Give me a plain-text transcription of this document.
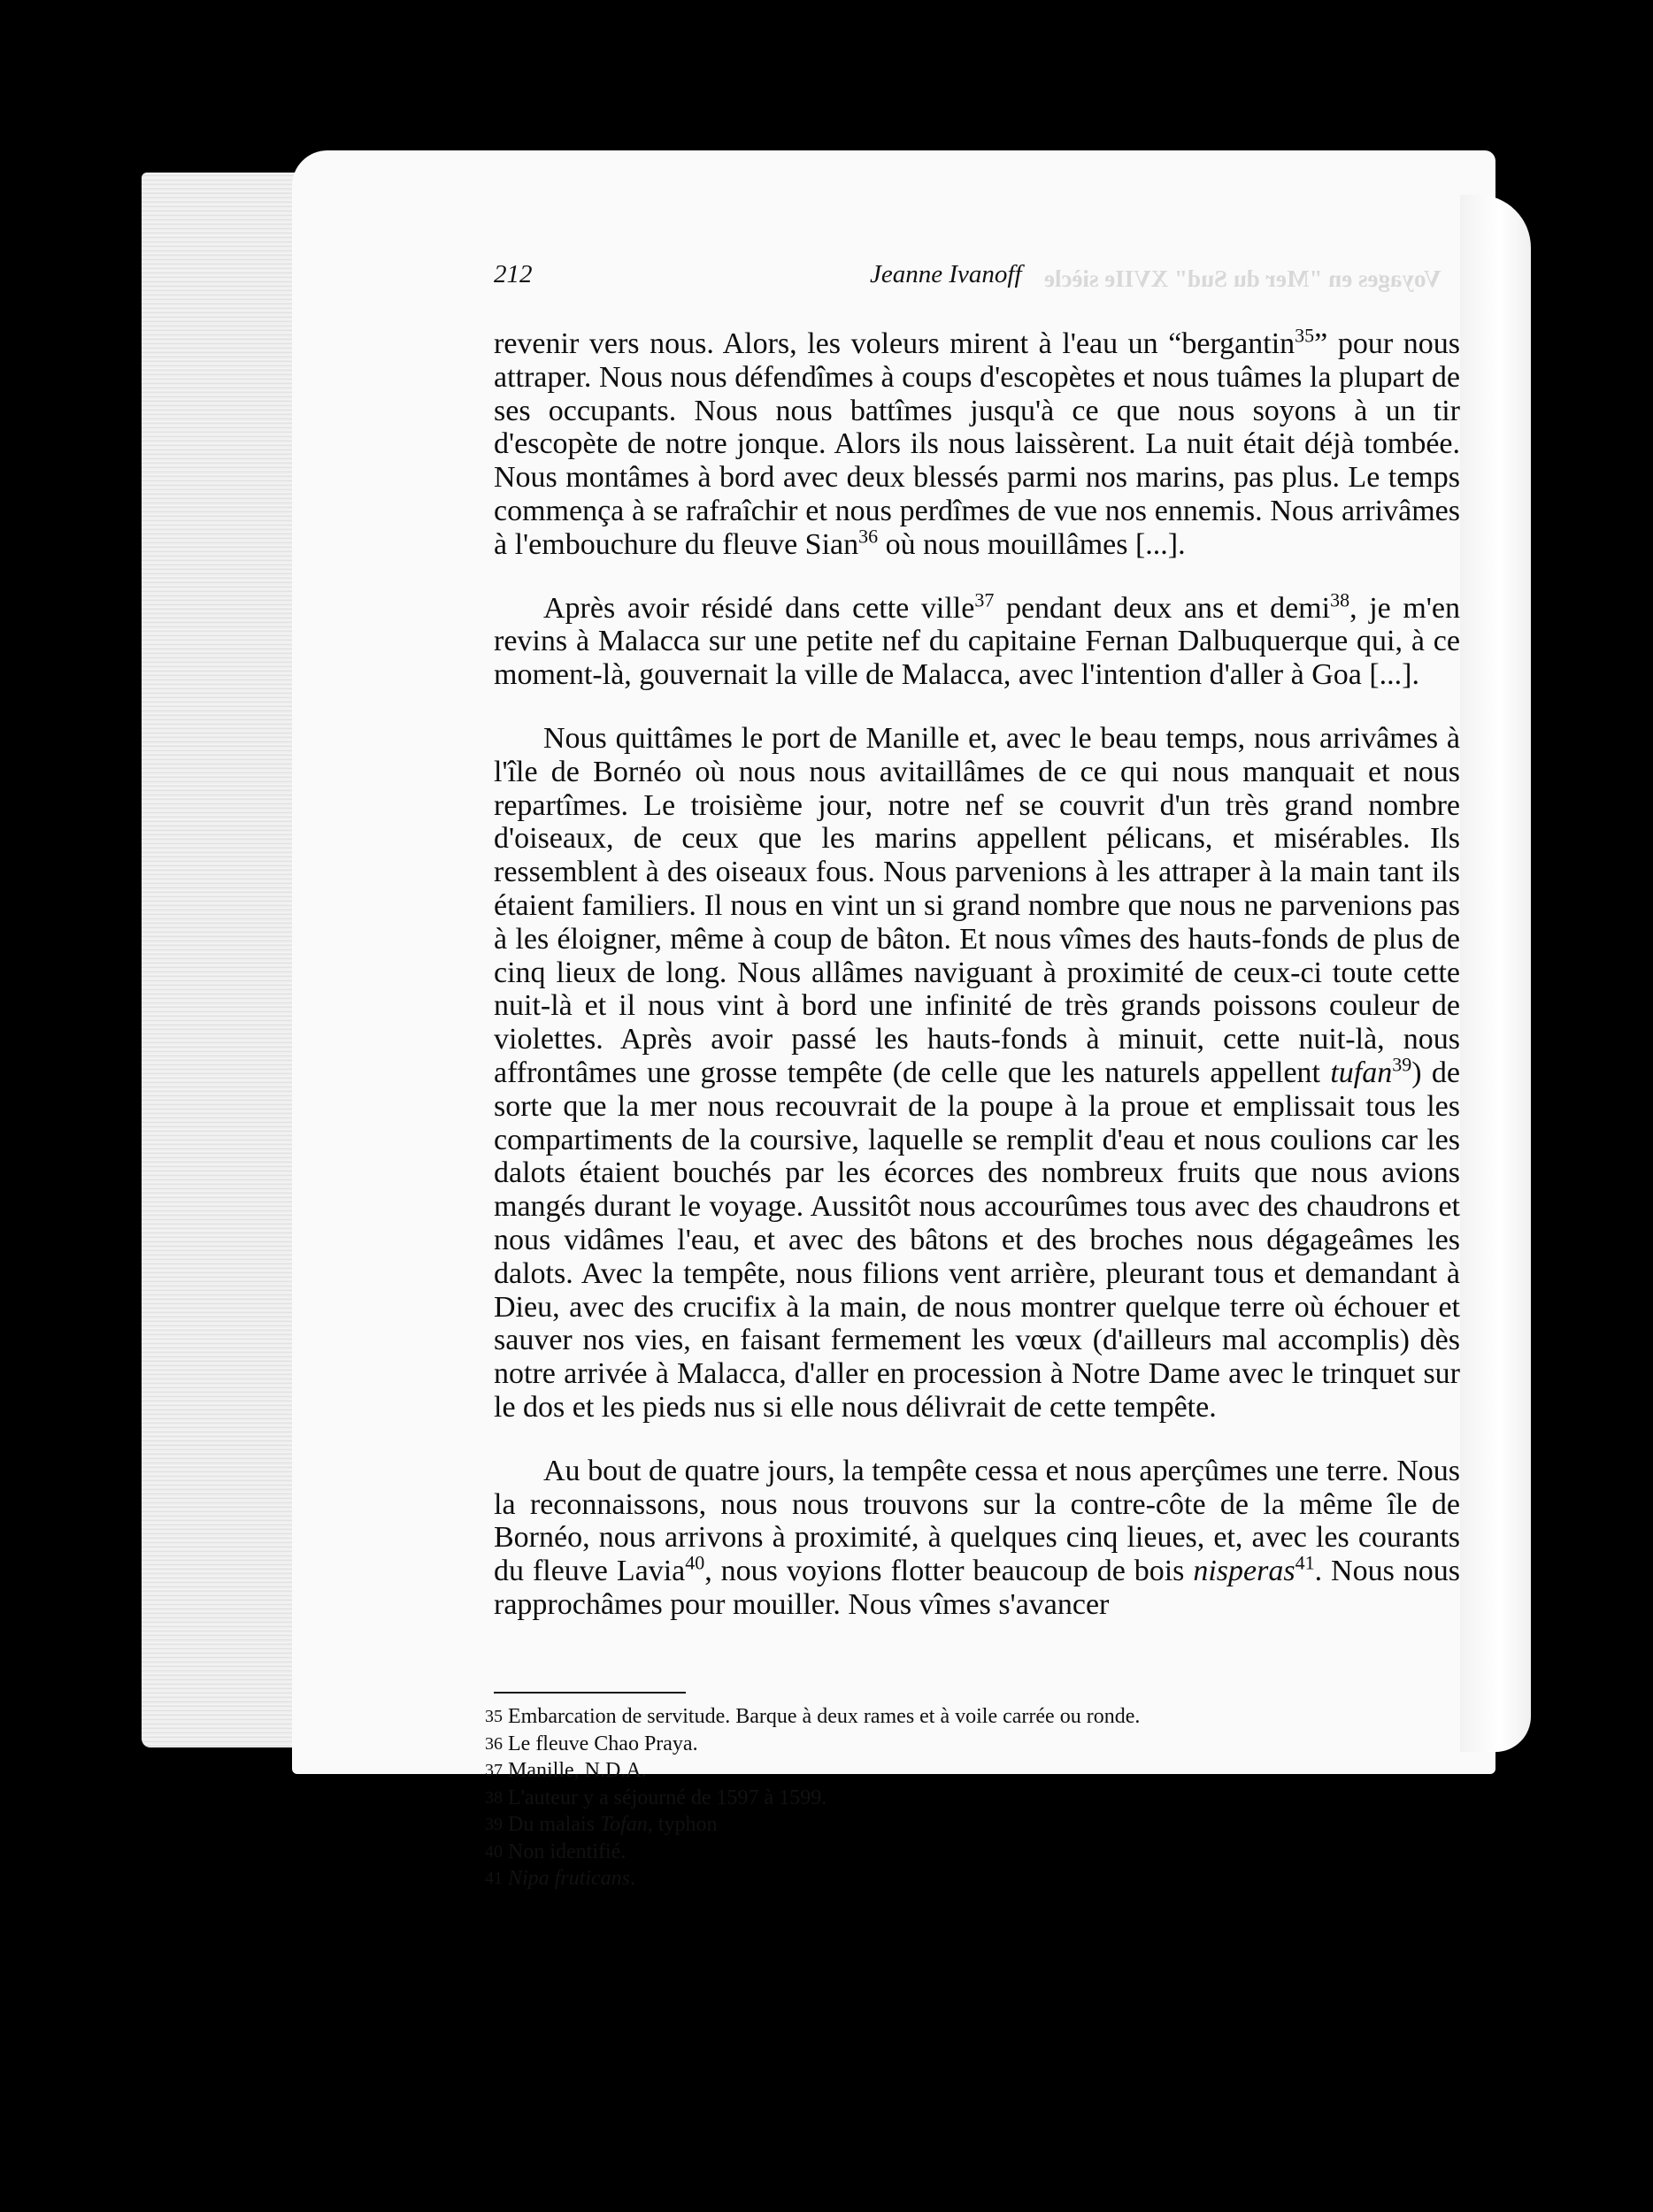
212	Jeanne Ivanoff Voyages en "Mer du Sud" XVIIe siècle

revenir vers nous. Alors, les voleurs mirent à l'eau un “bergantin$^{35}$” pour nous attraper. Nous nous défendîmes à coups d'escopètes et nous tuâmes la plupart de ses occupants. Nous nous battîmes jusqu'à ce que nous soyons à un tir d'escopète de notre jonque. Alors ils nous laissèrent. La nuit était déjà tombée. Nous montâmes à bord avec deux blessés parmi nos marins, pas plus. Le temps commença à se rafraîchir et nous perdîmes de vue nos ennemis. Nous arrivâmes à l'embouchure du fleuve Sian$^{36}$ où nous mouillâmes [...].

Après avoir résidé dans cette ville$^{37}$ pendant deux ans et demi$^{38}$, je m'en revins à Malacca sur une petite nef du capitaine Fernan Dalbuquerque qui, à ce moment-là, gouvernait la ville de Malacca, avec l'intention d'aller à Goa [...].

Nous quittâmes le port de Manille et, avec le beau temps, nous arrivâmes à l'île de Bornéo où nous nous avitaillâmes de ce qui nous manquait et nous repartîmes. Le troisième jour, notre nef se couvrit d'un très grand nombre d'oiseaux, de ceux que les marins appellent pélicans, et misérables. Ils ressemblent à des oiseaux fous. Nous parvenions à les attraper à la main tant ils étaient familiers. Il nous en vint un si grand nombre que nous ne parvenions pas à les éloigner, même à coup de bâton. Et nous vîmes des hauts-fonds de plus de cinq lieux de long. Nous allâmes naviguant à proximité de ceux-ci toute cette nuit-là et il nous vint à bord une infinité de très grands poissons couleur de violettes. Après avoir passé les hauts-fonds à minuit, cette nuit-là, nous affrontâmes une grosse tempête (de celle que les naturels appellent tufan$^{39}$) de sorte que la mer nous recouvrait de la poupe à la proue et emplissait tous les compartiments de la coursive, laquelle se remplit d'eau et nous coulions car les dalots étaient bouchés par les écorces des nombreux fruits que nous avions mangés durant le voyage. Aussitôt nous accourûmes tous avec des chaudrons et nous vidâmes l'eau, et avec des bâtons et des broches nous dégageâmes les dalots. Avec la tempête, nous filions vent arrière, pleurant tous et demandant à Dieu, avec des crucifix à la main, de nous montrer quelque terre où échouer et sauver nos vies, en faisant fermement les vœux (d'ailleurs mal accomplis) dès notre arrivée à Malacca, d'aller en procession à Notre Dame avec le trinquet sur le dos et les pieds nus si elle nous délivrait de cette tempête.

Au bout de quatre jours, la tempête cessa et nous aperçûmes une terre. Nous la reconnaissons, nous nous trouvons sur la contre-côte de la même île de Bornéo, nous arrivons à proximité, à quelques cinq lieues, et, avec les courants du fleuve Lavia$^{40}$, nous voyions flotter beaucoup de bois nisperas$^{41}$. Nous nous rapprochâmes pour mouiller. Nous vîmes s'avancer

$^{35}$ Embarcation de servitude. Barque à deux rames et à voile carrée ou ronde.
$^{36}$ Le fleuve Chao Praya.
$^{37}$ Manille, N.D.A.
$^{38}$ L'auteur y a séjourné de 1597 à 1599.
$^{39}$ Du malais Tofan, typhon
$^{40}$ Non identifié.
$^{41}$ Nipa fruticans.
